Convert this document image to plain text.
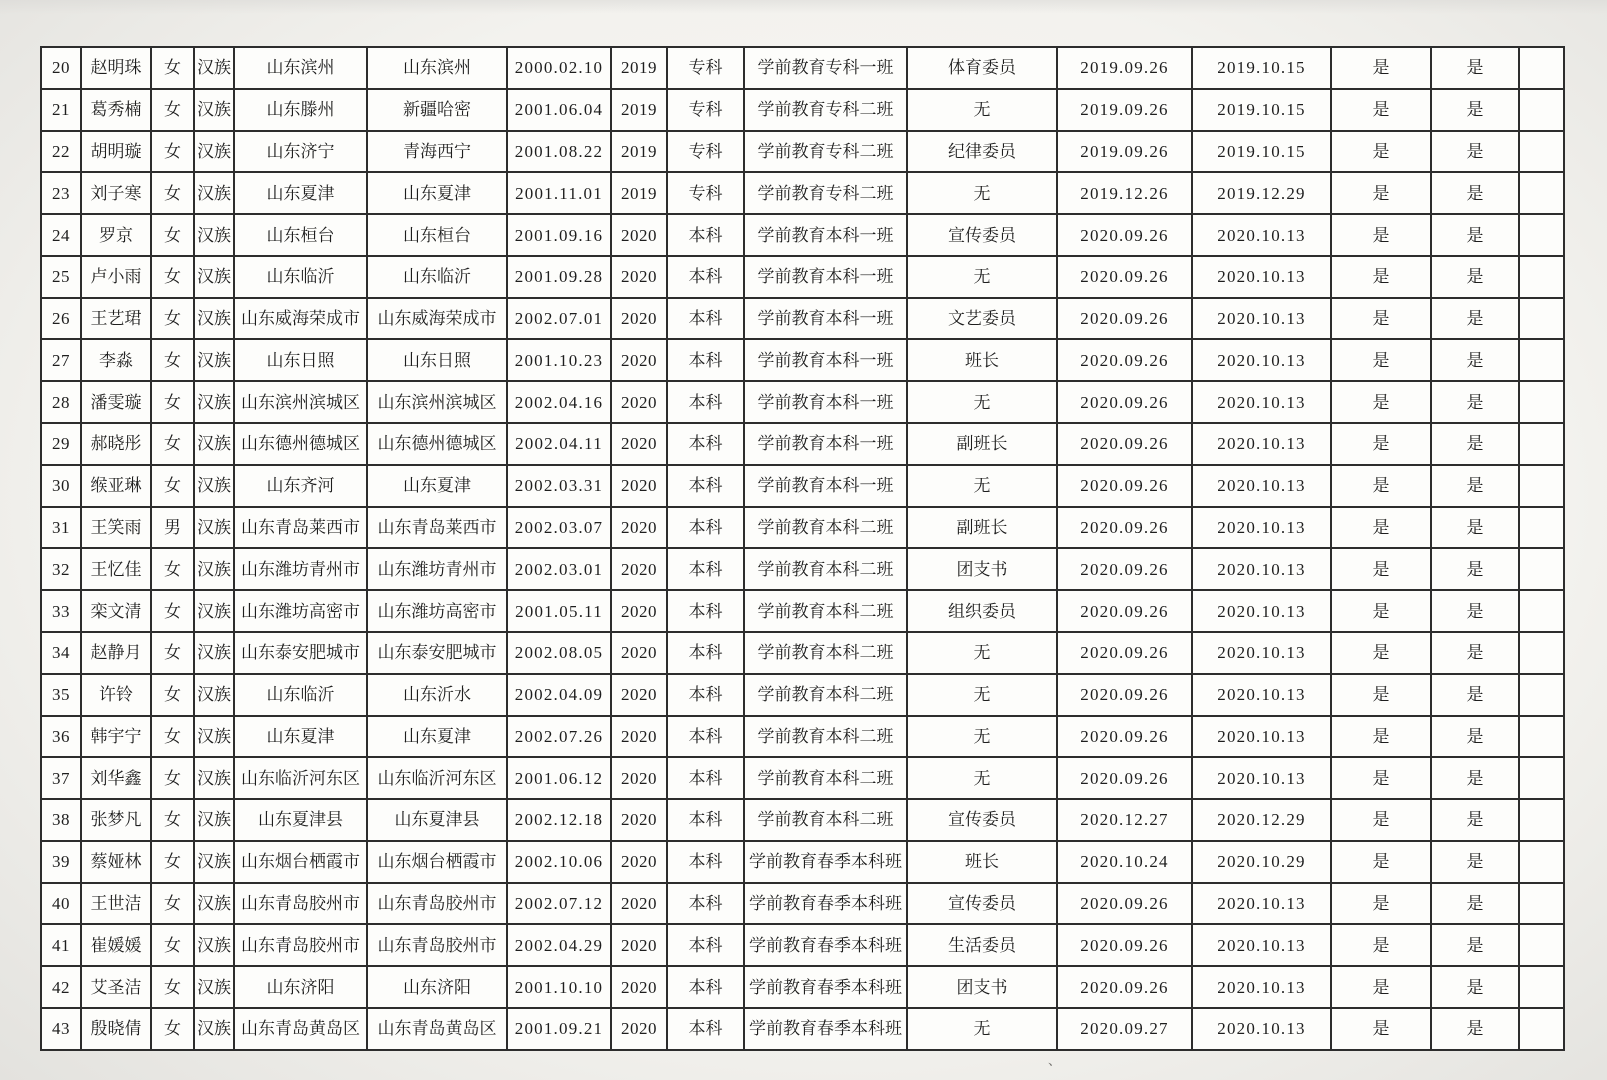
20	赵明珠	女	汉族	山东滨州	山东滨州	2000.02.10	2019	专科	学前教育专科一班	体育委员	2019.09.26	2019.10.15	是	是	
21	葛秀楠	女	汉族	山东滕州	新疆哈密	2001.06.04	2019	专科	学前教育专科二班	无	2019.09.26	2019.10.15	是	是	
22	胡明璇	女	汉族	山东济宁	青海西宁	2001.08.22	2019	专科	学前教育专科二班	纪律委员	2019.09.26	2019.10.15	是	是	
23	刘子寒	女	汉族	山东夏津	山东夏津	2001.11.01	2019	专科	学前教育专科二班	无	2019.12.26	2019.12.29	是	是	
24	罗京	女	汉族	山东桓台	山东桓台	2001.09.16	2020	本科	学前教育本科一班	宣传委员	2020.09.26	2020.10.13	是	是	
25	卢小雨	女	汉族	山东临沂	山东临沂	2001.09.28	2020	本科	学前教育本科一班	无	2020.09.26	2020.10.13	是	是	
26	王艺珺	女	汉族	山东威海荣成市	山东威海荣成市	2002.07.01	2020	本科	学前教育本科一班	文艺委员	2020.09.26	2020.10.13	是	是	
27	李淼	女	汉族	山东日照	山东日照	2001.10.23	2020	本科	学前教育本科一班	班长	2020.09.26	2020.10.13	是	是	
28	潘雯璇	女	汉族	山东滨州滨城区	山东滨州滨城区	2002.04.16	2020	本科	学前教育本科一班	无	2020.09.26	2020.10.13	是	是	
29	郝晓彤	女	汉族	山东德州德城区	山东德州德城区	2002.04.11	2020	本科	学前教育本科一班	副班长	2020.09.26	2020.10.13	是	是	
30	缑亚琳	女	汉族	山东齐河	山东夏津	2002.03.31	2020	本科	学前教育本科一班	无	2020.09.26	2020.10.13	是	是	
31	王笑雨	男	汉族	山东青岛莱西市	山东青岛莱西市	2002.03.07	2020	本科	学前教育本科二班	副班长	2020.09.26	2020.10.13	是	是	
32	王忆佳	女	汉族	山东潍坊青州市	山东潍坊青州市	2002.03.01	2020	本科	学前教育本科二班	团支书	2020.09.26	2020.10.13	是	是	
33	栾文清	女	汉族	山东潍坊高密市	山东潍坊高密市	2001.05.11	2020	本科	学前教育本科二班	组织委员	2020.09.26	2020.10.13	是	是	
34	赵静月	女	汉族	山东泰安肥城市	山东泰安肥城市	2002.08.05	2020	本科	学前教育本科二班	无	2020.09.26	2020.10.13	是	是	
35	许铃	女	汉族	山东临沂	山东沂水	2002.04.09	2020	本科	学前教育本科二班	无	2020.09.26	2020.10.13	是	是	
36	韩宇宁	女	汉族	山东夏津	山东夏津	2002.07.26	2020	本科	学前教育本科二班	无	2020.09.26	2020.10.13	是	是	
37	刘华鑫	女	汉族	山东临沂河东区	山东临沂河东区	2001.06.12	2020	本科	学前教育本科二班	无	2020.09.26	2020.10.13	是	是	
38	张梦凡	女	汉族	山东夏津县	山东夏津县	2002.12.18	2020	本科	学前教育本科二班	宣传委员	2020.12.27	2020.12.29	是	是	
39	蔡娅林	女	汉族	山东烟台栖霞市	山东烟台栖霞市	2002.10.06	2020	本科	学前教育春季本科班	班长	2020.10.24	2020.10.29	是	是	
40	王世洁	女	汉族	山东青岛胶州市	山东青岛胶州市	2002.07.12	2020	本科	学前教育春季本科班	宣传委员	2020.09.26	2020.10.13	是	是	
41	崔媛媛	女	汉族	山东青岛胶州市	山东青岛胶州市	2002.04.29	2020	本科	学前教育春季本科班	生活委员	2020.09.26	2020.10.13	是	是	
42	艾圣洁	女	汉族	山东济阳	山东济阳	2001.10.10	2020	本科	学前教育春季本科班	团支书	2020.09.26	2020.10.13	是	是	
43	殷晓倩	女	汉族	山东青岛黄岛区	山东青岛黄岛区	2001.09.21	2020	本科	学前教育春季本科班	无	2020.09.27	2020.10.13	是	是	
、
